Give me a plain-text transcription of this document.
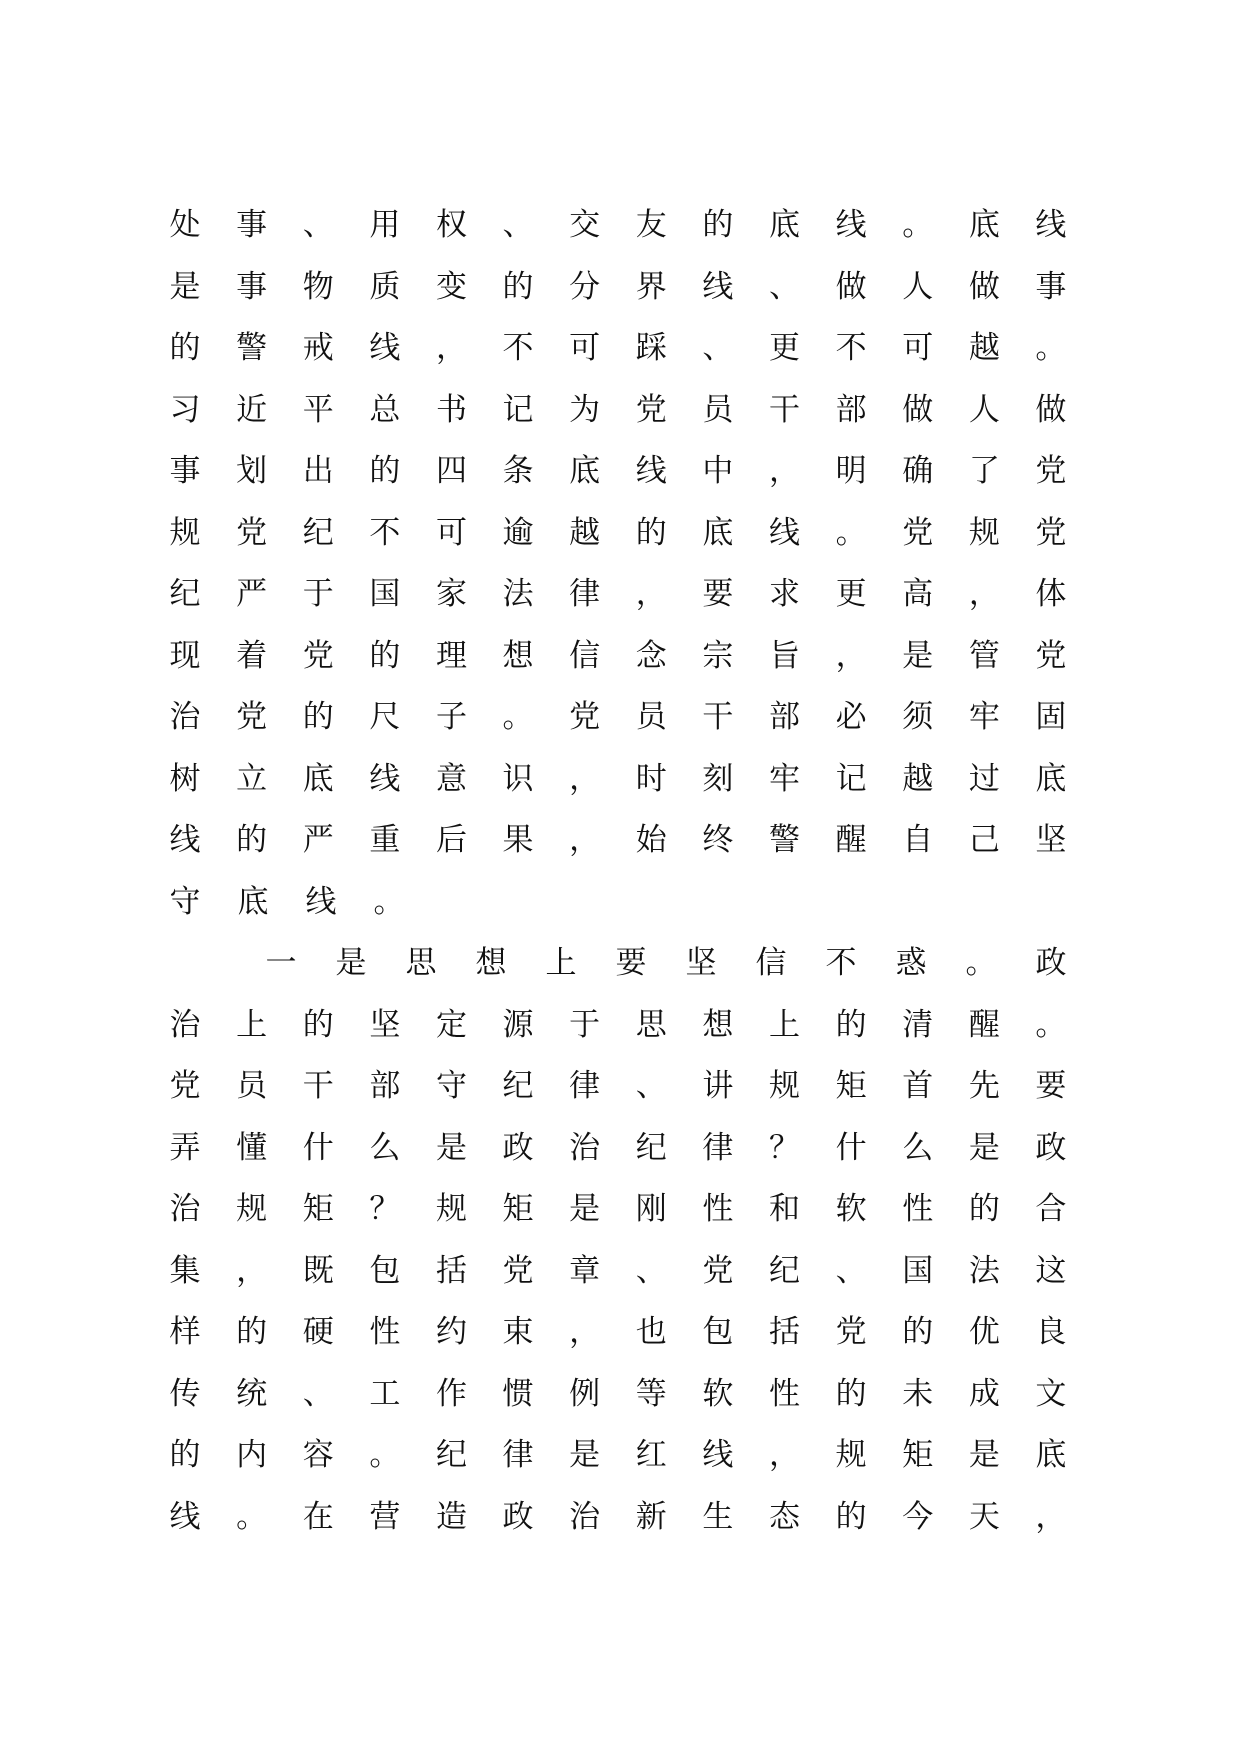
处 事 、 用 权 、 交 友 的 底 线 。 底 线
是 事 物 质 变 的 分 界 线 、 做 人 做 事
的 警 戒 线 ， 不 可 踩 、 更 不 可 越 。
习 近 平 总 书 记 为 党 员 干 部 做 人 做
事 划 出 的 四 条 底 线 中 ， 明 确 了 党
规 党 纪 不 可 逾 越 的 底 线 。 党 规 党
纪 严 于 国 家 法 律 ， 要 求 更 高 ， 体
现 着 党 的 理 想 信 念 宗 旨 ， 是 管 党
治 党 的 尺 子 。 党 员 干 部 必 须 牢 固
树 立 底 线 意 识 ， 时 刻 牢 记 越 过 底
线 的 严 重 后 果 ， 始 终 警 醒 自 己 坚
守 底 线 。
一 是 思 想 上 要 坚 信 不 惑 。 政
治 上 的 坚 定 源 于 思 想 上 的 清 醒 。
党 员 干 部 守 纪 律 、 讲 规 矩 首 先 要
弄 懂 什 么 是 政 治 纪 律 ？ 什 么 是 政
治 规 矩 ？ 规 矩 是 刚 性 和 软 性 的 合
集 ， 既 包 括 党 章 、 党 纪 、 国 法 这
样 的 硬 性 约 束 ， 也 包 括 党 的 优 良
传 统 、 工 作 惯 例 等 软 性 的 未 成 文
的 内 容 。 纪 律 是 红 线 ， 规 矩 是 底
线 。 在 营 造 政 治 新 生 态 的 今 天 ，
